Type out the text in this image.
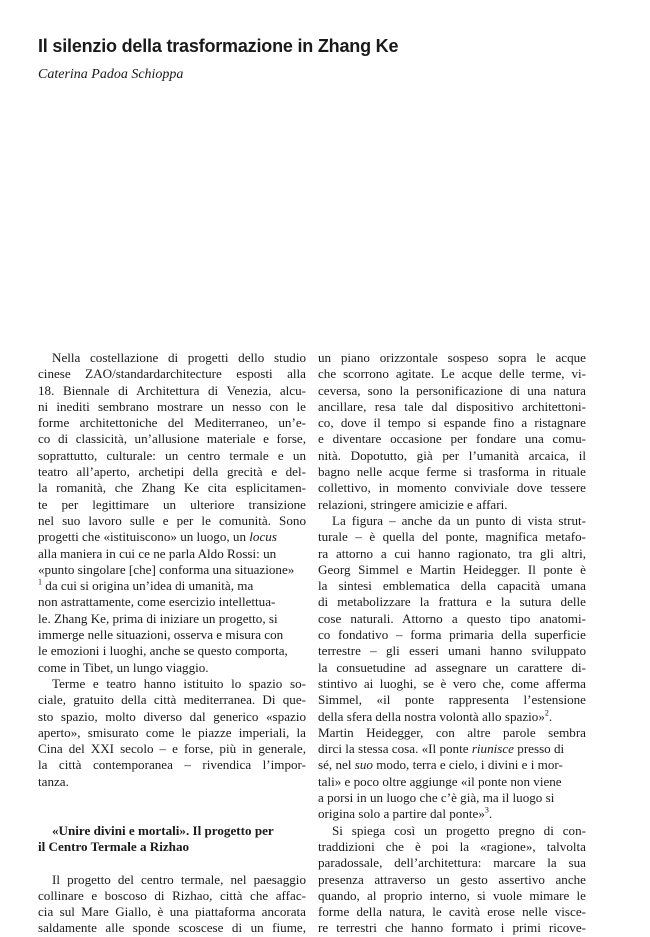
Il silenzio della trasformazione in Zhang Ke

Caterina Padoa Schioppa

Nella costellazione di progetti dello studio
cinese ZAO/standardarchitecture esposti alla
18. Biennale di Architettura di Venezia, alcu-
ni inediti sembrano mostrare un nesso con le
forme architettoniche del Mediterraneo, un’e-
co di classicità, un’allusione materiale e forse,
soprattutto, culturale: un centro termale e un
teatro all’aperto, archetipi della grecità e del-
la romanità, che Zhang Ke cita esplicitamen-
te per legittimare un ulteriore transizione
nel suo lavoro sulle e per le comunità. Sono
progetti che «istituiscono» un luogo, un locus
alla maniera in cui ce ne parla Aldo Rossi: un
«punto singolare [che] conforma una situazione»
$^1$ da cui si origina un’idea di umanità, ma
non astrattamente, come esercizio intellettua-
le. Zhang Ke, prima di iniziare un progetto, si
immerge nelle situazioni, osserva e misura con
le emozioni i luoghi, anche se questo comporta,
come in Tibet, un lungo viaggio.
Terme e teatro hanno istituito lo spazio so-
ciale, gratuito della città mediterranea. Di que-
sto spazio, molto diverso dal generico «spazio
aperto», smisurato come le piazze imperiali, la
Cina del XXI secolo – e forse, più in generale,
la città contemporanea – rivendica l’impor-
tanza.
«Unire divini e mortali». Il progetto per
il Centro Termale a Rizhao
Il progetto del centro termale, nel paesaggio
collinare e boscoso di Rizhao, città che affac-
cia sul Mare Giallo, è una piattaforma ancorata
saldamente alle sponde scoscese di un fiume,
un piano orizzontale sospeso sopra le acque
che scorrono agitate. Le acque delle terme, vi-
ceversa, sono la personificazione di una natura
ancillare, resa tale dal dispositivo architettoni-
co, dove il tempo si espande fino a ristagnare
e diventare occasione per fondare una comu-
nità. Dopotutto, già per l’umanità arcaica, il
bagno nelle acque ferme si trasforma in rituale
collettivo, in momento conviviale dove tessere
relazioni, stringere amicizie e affari.
La figura – anche da un punto di vista strut-
turale – è quella del ponte, magnifica metafo-
ra attorno a cui hanno ragionato, tra gli altri,
Georg Simmel e Martin Heidegger. Il ponte è
la sintesi emblematica della capacità umana
di metabolizzare la frattura e la sutura delle
cose naturali. Attorno a questo tipo anatomi-
co fondativo – forma primaria della superficie
terrestre – gli esseri umani hanno sviluppato
la consuetudine ad assegnare un carattere di-
stintivo ai luoghi, se è vero che, come afferma
Simmel, «il ponte rappresenta l’estensione
della sfera della nostra volontà allo spazio»$^2$.
Martin Heidegger, con altre parole sembra
dirci la stessa cosa. «Il ponte riunisce presso di
sé, nel suo modo, terra e cielo, i divini e i mor-
tali» e poco oltre aggiunge «il ponte non viene
a porsi in un luogo che c’è già, ma il luogo si
origina solo a partire dal ponte»$^3$.
Si spiega così un progetto pregno di con-
traddizioni che è poi la «ragione», talvolta
paradossale, dell’architettura: marcare la sua
presenza attraverso un gesto assertivo anche
quando, al proprio interno, si vuole mimare le
forme della natura, le cavità erose nelle visce-
re terrestri che hanno formato i primi ricove-
